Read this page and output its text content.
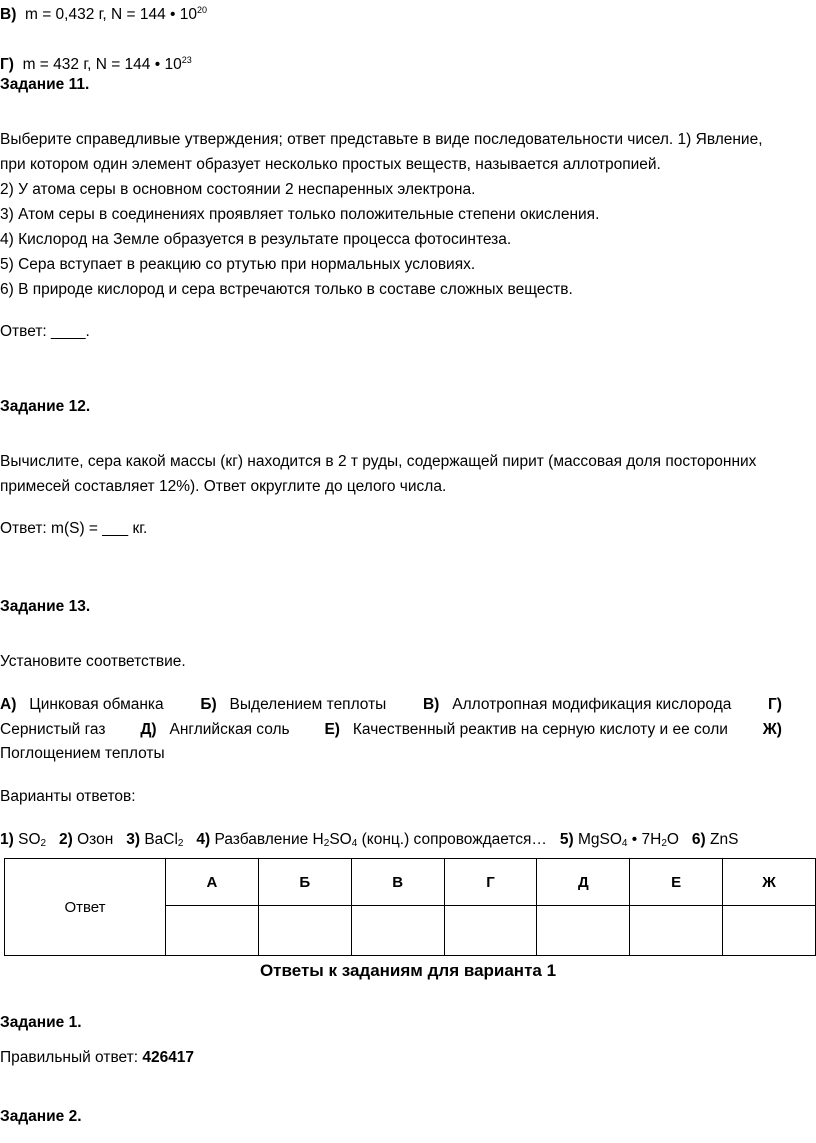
В) m = 0,432 г, N = 144 • $10^{20}$
Г) m = 432 г, N = 144 • $10^{23}$
Задание 11.
Выберите справедливые утверждения; ответ представьте в виде последовательности чисел. 1) Явление,
при котором один элемент образует несколько простых веществ, называется аллотропией.
2) У атома серы в основном состоянии 2 неспаренных электрона.
3) Атом серы в соединениях проявляет только положительные степени окисления.
4) Кислород на Земле образуется в результате процесса фотосинтеза.
5) Сера вступает в реакцию со ртутью при нормальных условиях.
6) В природе кислород и сера встречаются только в составе сложных веществ.
Ответ: ____.
Задание 12.
Вычислите, сера какой массы (кг) находится в 2 т руды, содержащей пирит (массовая доля посторонних
примесей составляет 12%). Ответ округлите до целого числа.
Ответ: m(S) = ___ кг.
Задание 13.
Установите соответствие.
А) Цинковая обманка Б) Выделением теплоты В) Аллотропная модификация кислорода Г)
Сернистый газ Д) Английская соль Е) Качественный реактив на серную кислоту и ее соли Ж)
Поглощением теплоты
Варианты ответов:
1) $SO_2$ 2) Озон 3) BaCl$_2$ 4) Разбавление $H_2SO_4$ (конц.) сопровождается… 5) MgSO$_4$ • $7H_2O$ 6) ZnS
Ответ	А	Б	В	Г	Д	Е	Ж

Ответы к заданиям для варианта 1
Задание 1.
Правильный ответ: 426417
Задание 2.
